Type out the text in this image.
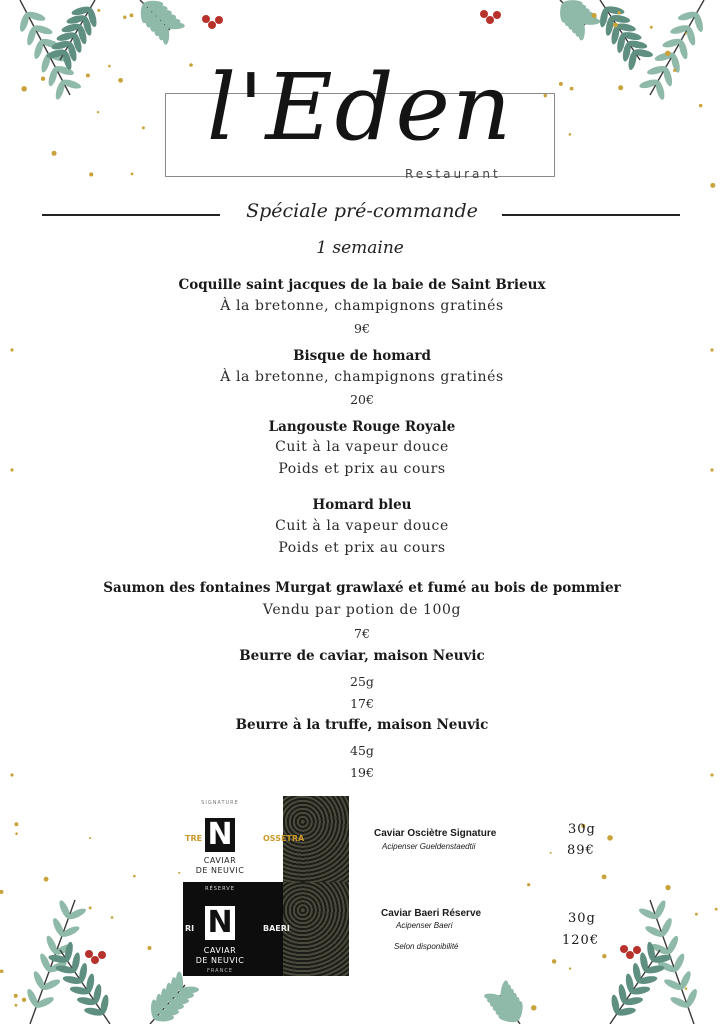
l'Eden
Restaurant
Spéciale pré-commande
1 semaine
Coquille saint jacques de la baie de Saint Brieux
À la bretonne, champignons gratinés
9€
Bisque de homard
À la bretonne, champignons gratinés
20€
Langouste Rouge Royale
Cuit à la vapeur douce
Poids et prix au cours
Homard bleu
Cuit à la vapeur douce
Poids et prix au cours
Saumon des fontaines Murgat grawlaxé et fumé au bois de pommier
Vendu par potion de 100g
7€
Beurre de caviar, maison Neuvic
25g
17€
Beurre à la truffe, maison Neuvic
45g
19€
SIGNATURE
N
TRE	OSSETRA
CAVIAR
DE NEUVIC
RÉSERVE
N
RI	BAERI
CAVIAR
DE NEUVIC
FRANCE
Caviar Osciètre Signature
Acipenser Gueldenstaedtii
30g
89€
Caviar Baeri Réserve
Acipenser Baeri
Selon disponibilité
30g
120€
